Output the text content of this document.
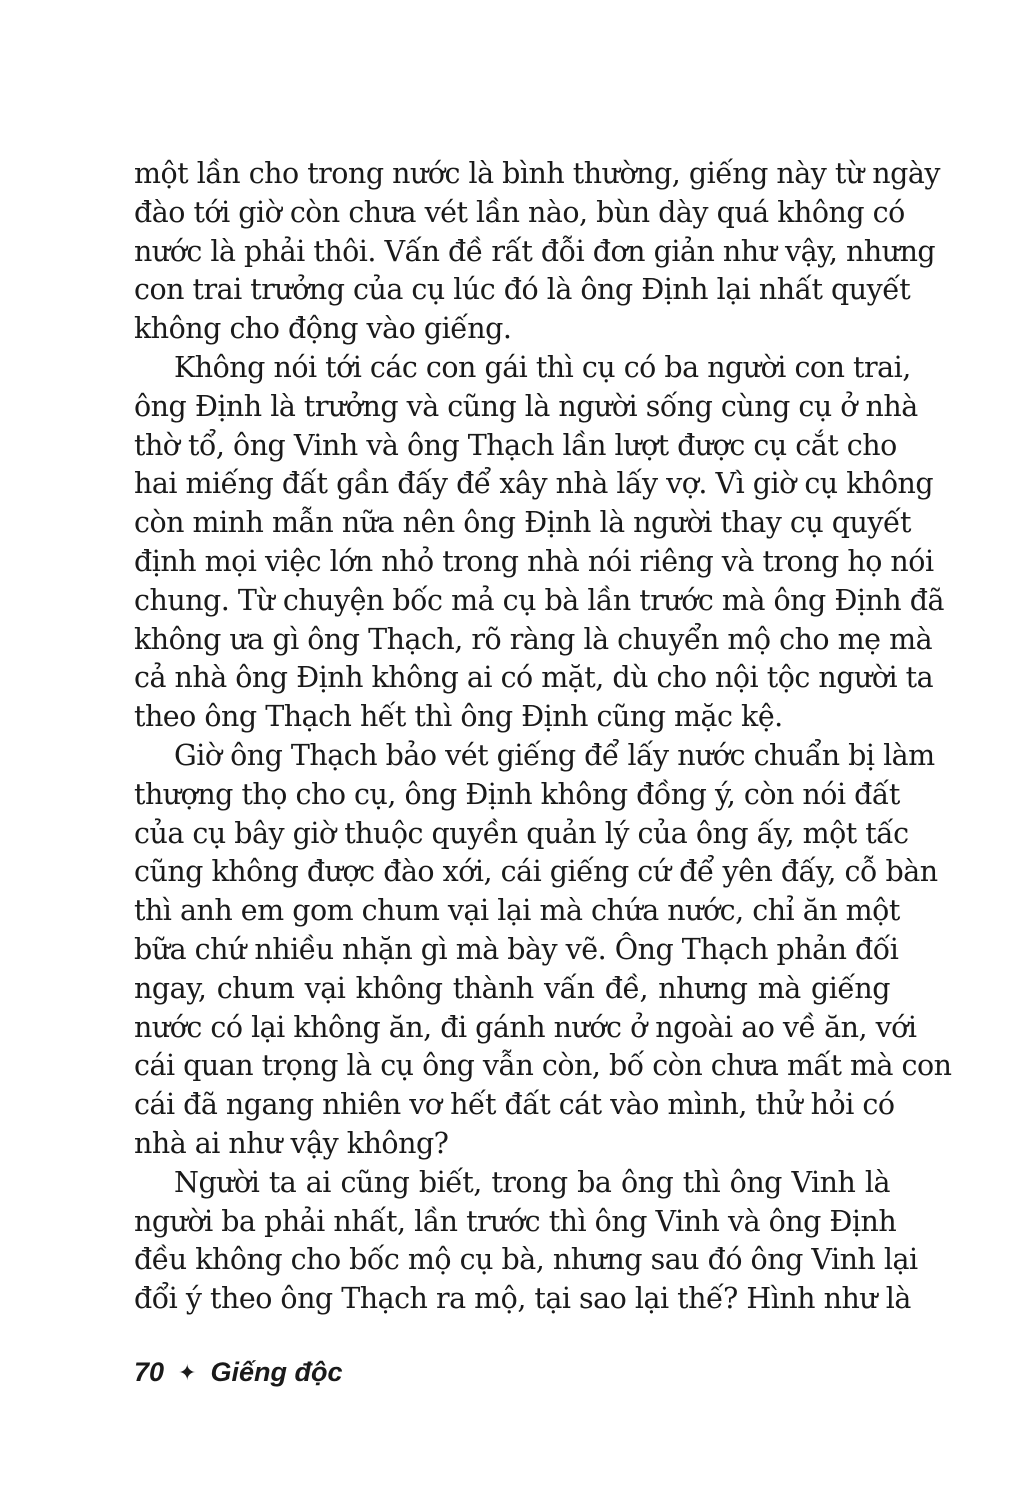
một lần cho trong nước là bình thường, giếng này từ ngày
đào tới giờ còn chưa vét lần nào, bùn dày quá không có
nước là phải thôi. Vấn đề rất đỗi đơn giản như vậy, nhưng
con trai trưởng của cụ lúc đó là ông Định lại nhất quyết
không cho động vào giếng.
Không nói tới các con gái thì cụ có ba người con trai,
ông Định là trưởng và cũng là người sống cùng cụ ở nhà
thờ tổ, ông Vinh và ông Thạch lần lượt được cụ cắt cho
hai miếng đất gần đấy để xây nhà lấy vợ. Vì giờ cụ không
còn minh mẫn nữa nên ông Định là người thay cụ quyết
định mọi việc lớn nhỏ trong nhà nói riêng và trong họ nói
chung. Từ chuyện bốc mả cụ bà lần trước mà ông Định đã
không ưa gì ông Thạch, rõ ràng là chuyển mộ cho mẹ mà
cả nhà ông Định không ai có mặt, dù cho nội tộc người ta
theo ông Thạch hết thì ông Định cũng mặc kệ.
Giờ ông Thạch bảo vét giếng để lấy nước chuẩn bị làm
thượng thọ cho cụ, ông Định không đồng ý, còn nói đất
của cụ bây giờ thuộc quyền quản lý của ông ấy, một tấc
cũng không được đào xới, cái giếng cứ để yên đấy, cỗ bàn
thì anh em gom chum vại lại mà chứa nước, chỉ ăn một
bữa chứ nhiều nhặn gì mà bày vẽ. Ông Thạch phản đối
ngay, chum vại không thành vấn đề, nhưng mà giếng
nước có lại không ăn, đi gánh nước ở ngoài ao về ăn, với
cái quan trọng là cụ ông vẫn còn, bố còn chưa mất mà con
cái đã ngang nhiên vơ hết đất cát vào mình, thử hỏi có
nhà ai như vậy không?
Người ta ai cũng biết, trong ba ông thì ông Vinh là
người ba phải nhất, lần trước thì ông Vinh và ông Định
đều không cho bốc mộ cụ bà, nhưng sau đó ông Vinh lại
đổi ý theo ông Thạch ra mộ, tại sao lại thế? Hình như là
70 ✦ Giếng độc
